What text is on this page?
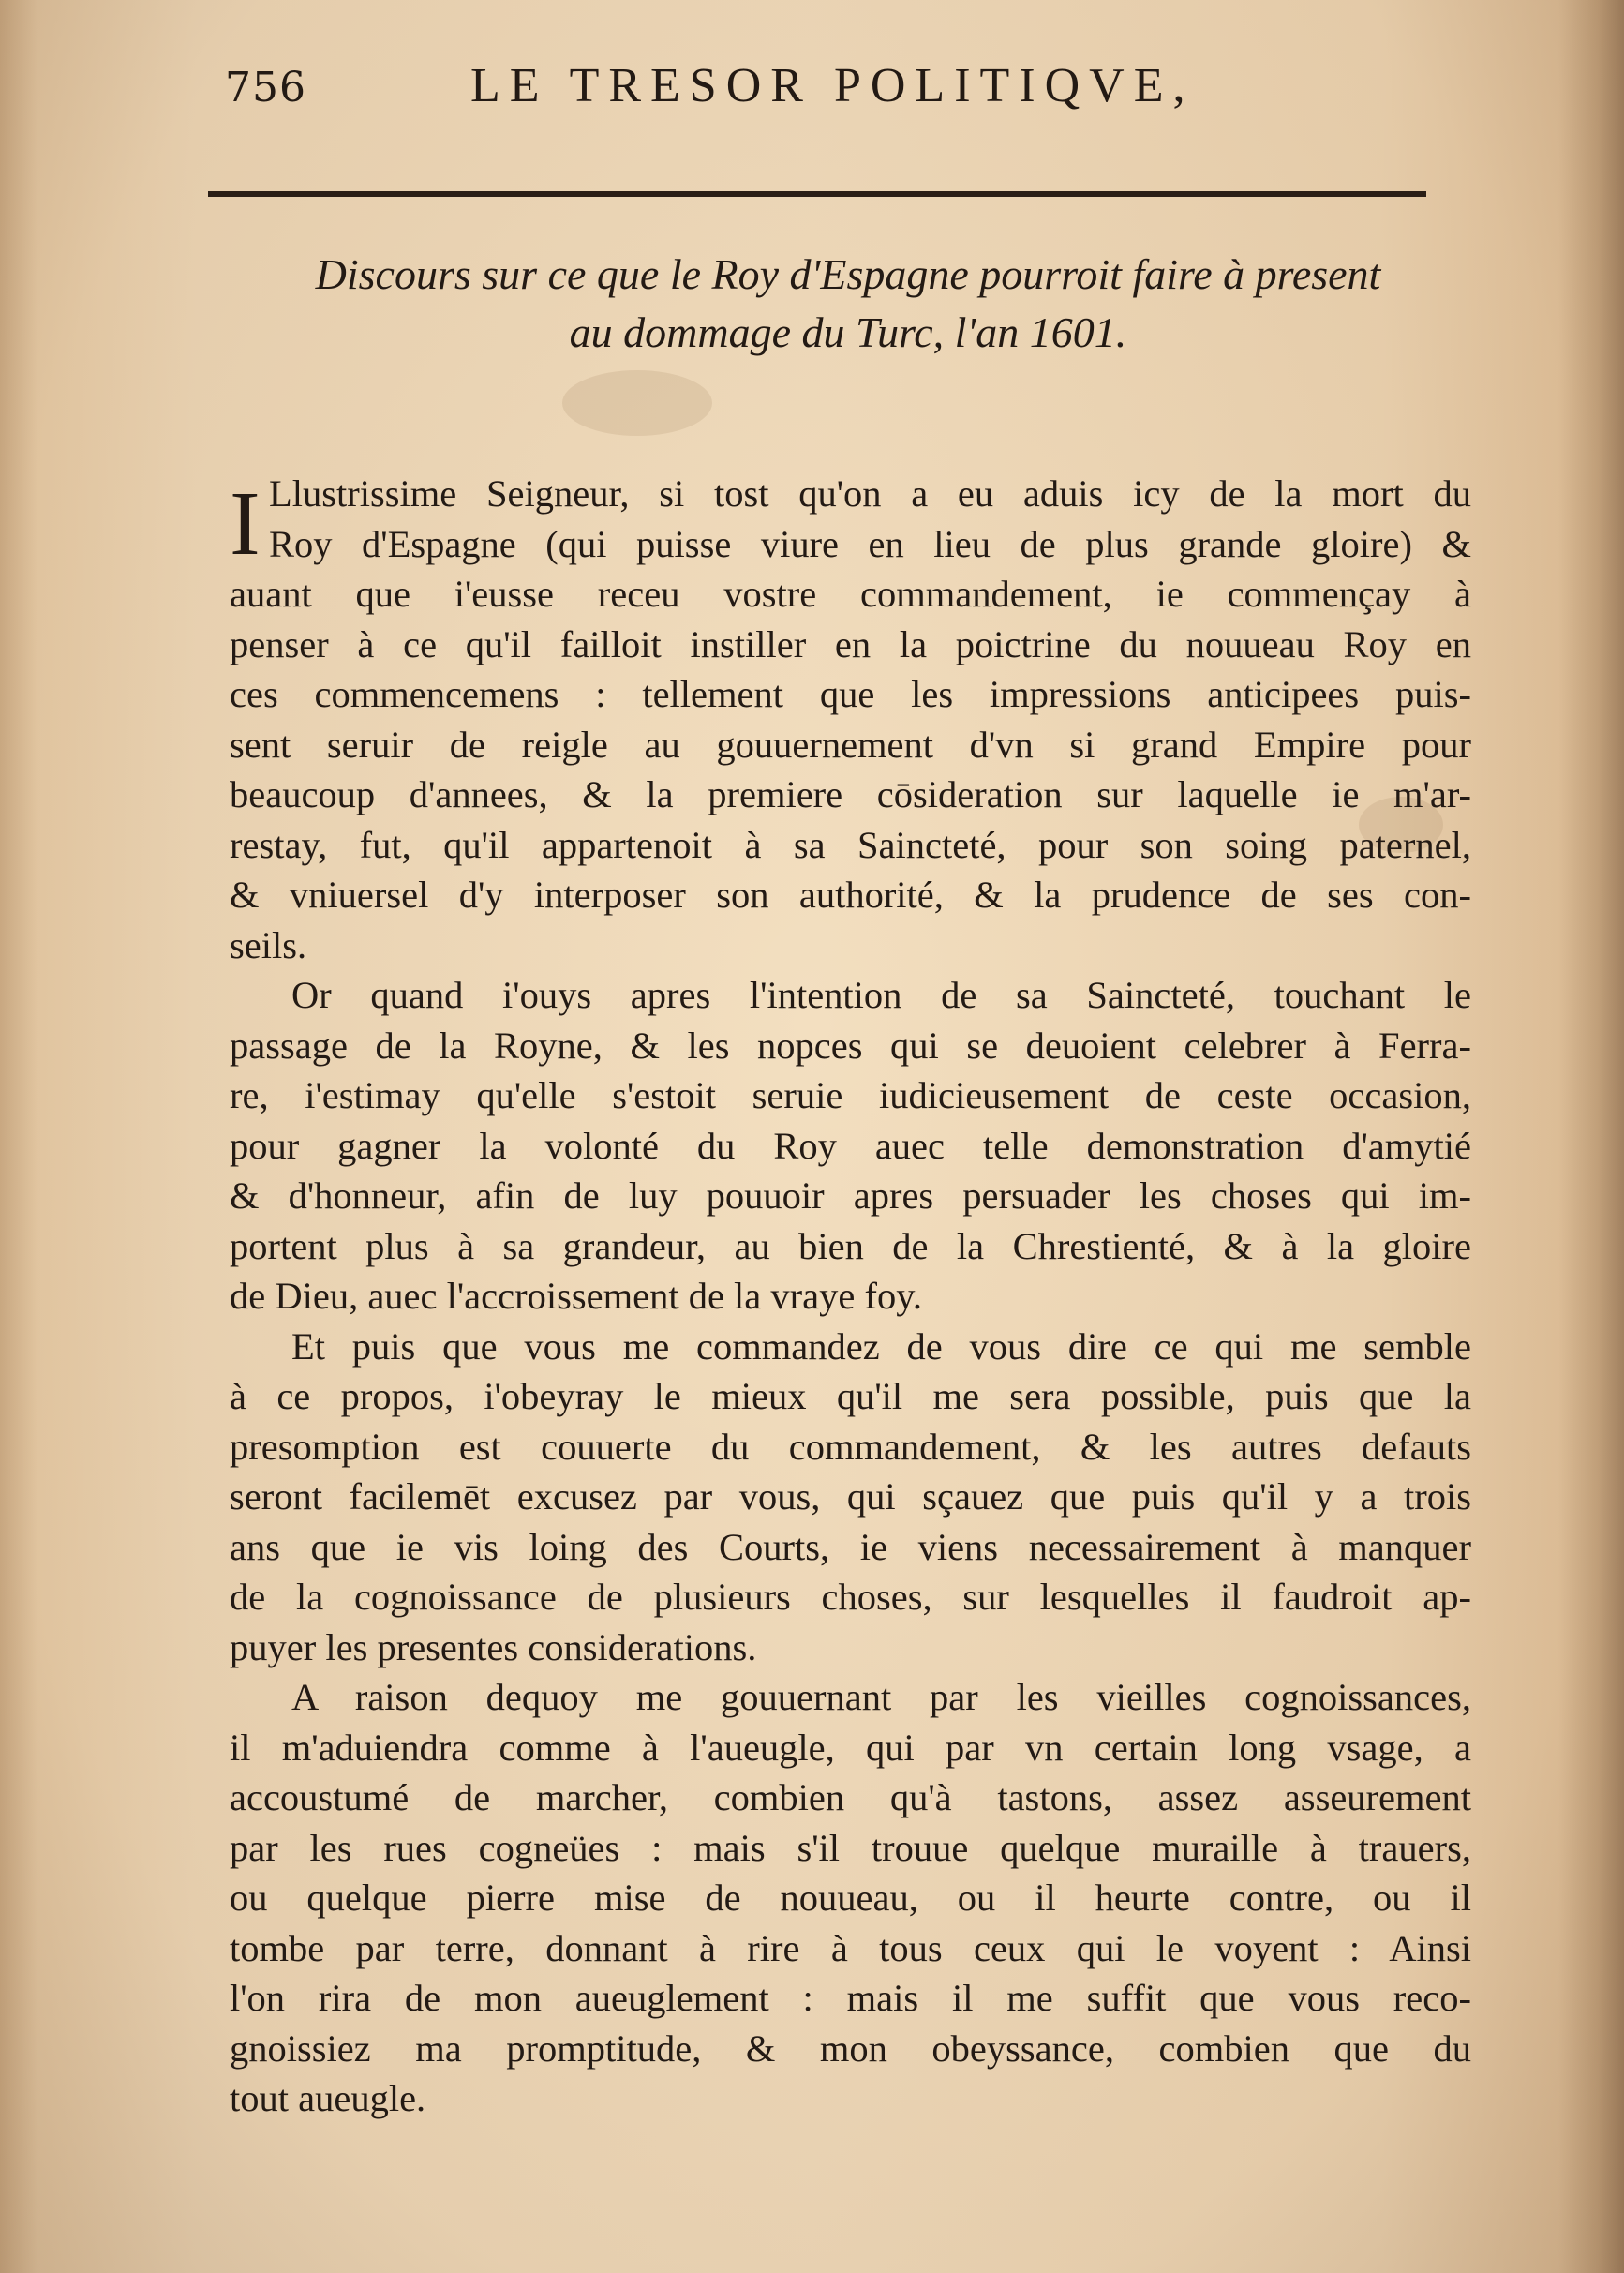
756	LE TRESOR POLITIQVE,
Discours sur ce que le Roy d'Espagne pourroit faire à present
au dommage du Turc, l'an 1601.
I Llustrissime Seigneur, si tost qu'on a eu aduis icy de la mort du
Roy d'Espagne (qui puisse viure en lieu de plus grande gloire) &
auant que i'eusse receu vostre commandement, ie commençay à
penser à ce qu'il failloit instiller en la poictrine du nouueau Roy en
ces commencemens : tellement que les impressions anticipees puis-
sent seruir de reigle au gouuernement d'vn si grand Empire pour
beaucoup d'annees, & la premiere cōsideration sur laquelle ie m'ar-
restay, fut, qu'il appartenoit à sa Saincteté, pour son soing paternel,
& vniuersel d'y interposer son authorité, & la prudence de ses con-
seils.
Or quand i'ouys apres l'intention de sa Saincteté, touchant le
passage de la Royne, & les nopces qui se deuoient celebrer à Ferra-
re, i'estimay qu'elle s'estoit seruie iudicieusement de ceste occasion,
pour gagner la volonté du Roy auec telle demonstration d'amytié
& d'honneur, afin de luy pouuoir apres persuader les choses qui im-
portent plus à sa grandeur, au bien de la Chrestienté, & à la gloire
de Dieu, auec l'accroissement de la vraye foy.
Et puis que vous me commandez de vous dire ce qui me semble
à ce propos, i'obeyray le mieux qu'il me sera possible, puis que la
presomption est couuerte du commandement, & les autres defauts
seront facilemēt excusez par vous, qui sçauez que puis qu'il y a trois
ans que ie vis loing des Courts, ie viens necessairement à manquer
de la cognoissance de plusieurs choses, sur lesquelles il faudroit ap-
puyer les presentes considerations.
A raison dequoy me gouuernant par les vieilles cognoissances,
il m'aduiendra comme à l'aueugle, qui par vn certain long vsage, a
accoustumé de marcher, combien qu'à tastons, assez asseurement
par les rues cogneües : mais s'il trouue quelque muraille à trauers,
ou quelque pierre mise de nouueau, ou il heurte contre, ou il
tombe par terre, donnant à rire à tous ceux qui le voyent : Ainsi
l'on rira de mon aueuglement : mais il me suffit que vous reco-
gnoissiez ma promptitude, & mon obeyssance, combien que du
tout aueugle.
